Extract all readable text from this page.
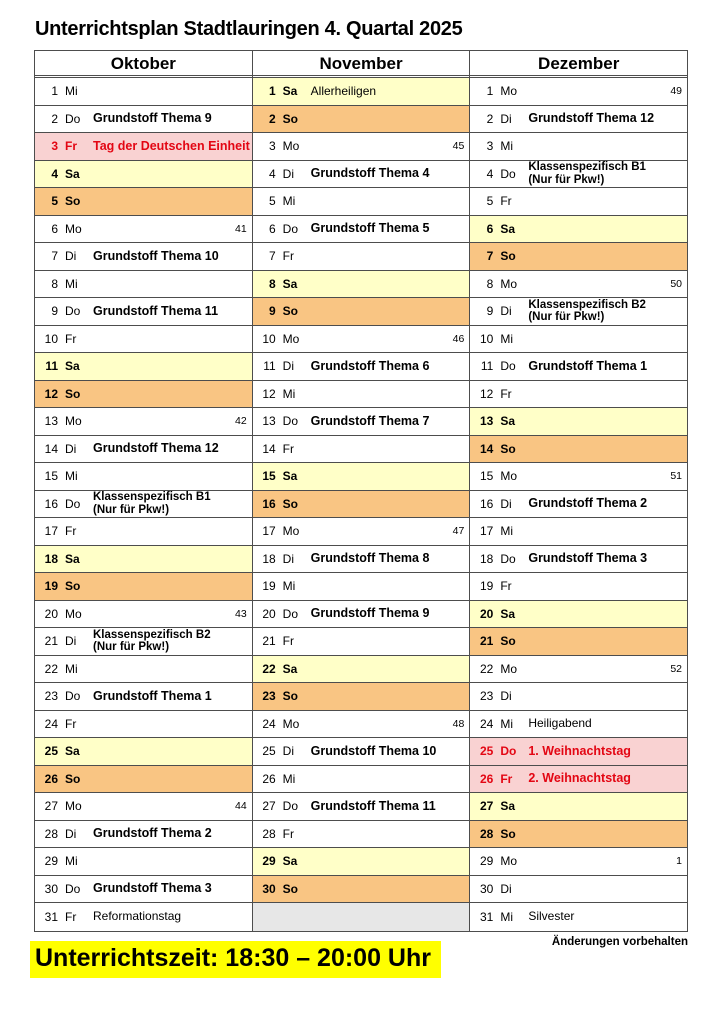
Unterrichtsplan Stadtlauringen 4. Quartal 2025
Oktober
1 Mi
2 Do	Grundstoff Thema 9
3 Fr	Tag der Deutschen Einheit
4 Sa
5 So
6 Mo	41
7 Di	Grundstoff Thema 10
8 Mi
9 Do	Grundstoff Thema 11
10 Fr
11 Sa
12 So
13 Mo	42
14 Di	Grundstoff Thema 12
15 Mi
16 Do	Klassenspezifisch B1
(Nur für Pkw!)
17 Fr
18 Sa
19 So
20 Mo	43
21 Di	Klassenspezifisch B2
(Nur für Pkw!)
22 Mi
23 Do	Grundstoff Thema 1
24 Fr
25 Sa
26 So
27 Mo	44
28 Di	Grundstoff Thema 2
29 Mi
30 Do	Grundstoff Thema 3
31 Fr	Reformationstag
November
1 Sa	Allerheiligen
2 So
3 Mo	45
4 Di	Grundstoff Thema 4
5 Mi
6 Do	Grundstoff Thema 5
7 Fr
8 Sa
9 So
10 Mo	46
11 Di	Grundstoff Thema 6
12 Mi
13 Do	Grundstoff Thema 7
14 Fr
15 Sa
16 So
17 Mo	47
18 Di	Grundstoff Thema 8
19 Mi
20 Do	Grundstoff Thema 9
21 Fr
22 Sa
23 So
24 Mo	48
25 Di	Grundstoff Thema 10
26 Mi
27 Do	Grundstoff Thema 11
28 Fr
29 Sa
30 So
Dezember
1 Mo	49
2 Di	Grundstoff Thema 12
3 Mi
4 Do	Klassenspezifisch B1
(Nur für Pkw!)
5 Fr
6 Sa
7 So
8 Mo	50
9 Di	Klassenspezifisch B2
(Nur für Pkw!)
10 Mi
11 Do	Grundstoff Thema 1
12 Fr
13 Sa
14 So
15 Mo	51
16 Di	Grundstoff Thema 2
17 Mi
18 Do	Grundstoff Thema 3
19 Fr
20 Sa
21 So
22 Mo	52
23 Di
24 Mi	Heiligabend
25 Do 1. Weihnachtstag
26 Fr	2. Weihnachtstag
27 Sa
28 So
29 Mo	1
30 Di
31 Mi	Silvester
Änderungen vorbehalten
Unterrichtszeit: 18:30 – 20:00 Uhr
